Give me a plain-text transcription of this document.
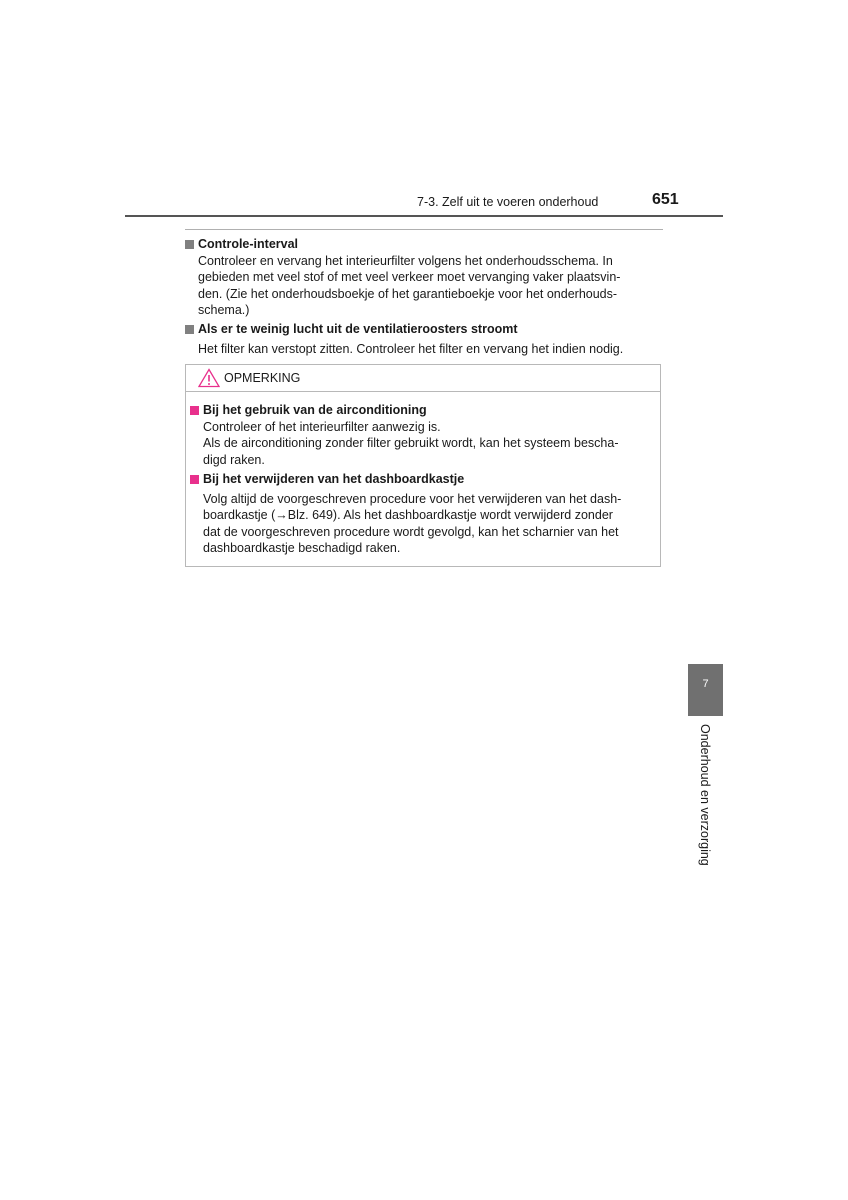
7-3. Zelf uit te voeren onderhoud	651
Controle-interval
Controleer en vervang het interieurfilter volgens het onderhoudsschema. In
gebieden met veel stof of met veel verkeer moet vervanging vaker plaatsvin-
den. (Zie het onderhoudsboekje of het garantieboekje voor het onderhouds-
schema.)
Als er te weinig lucht uit de ventilatieroosters stroomt
Het filter kan verstopt zitten. Controleer het filter en vervang het indien nodig.
OPMERKING
Bij het gebruik van de airconditioning
Controleer of het interieurfilter aanwezig is.
Als de airconditioning zonder filter gebruikt wordt, kan het systeem bescha-
digd raken.
Bij het verwijderen van het dashboardkastje
Volg altijd de voorgeschreven procedure voor het verwijderen van het dash-
boardkastje (→Blz. 649). Als het dashboardkastje wordt verwijderd zonder
dat de voorgeschreven procedure wordt gevolgd, kan het scharnier van het
dashboardkastje beschadigd raken.
7
Onderhoud en verzorging
